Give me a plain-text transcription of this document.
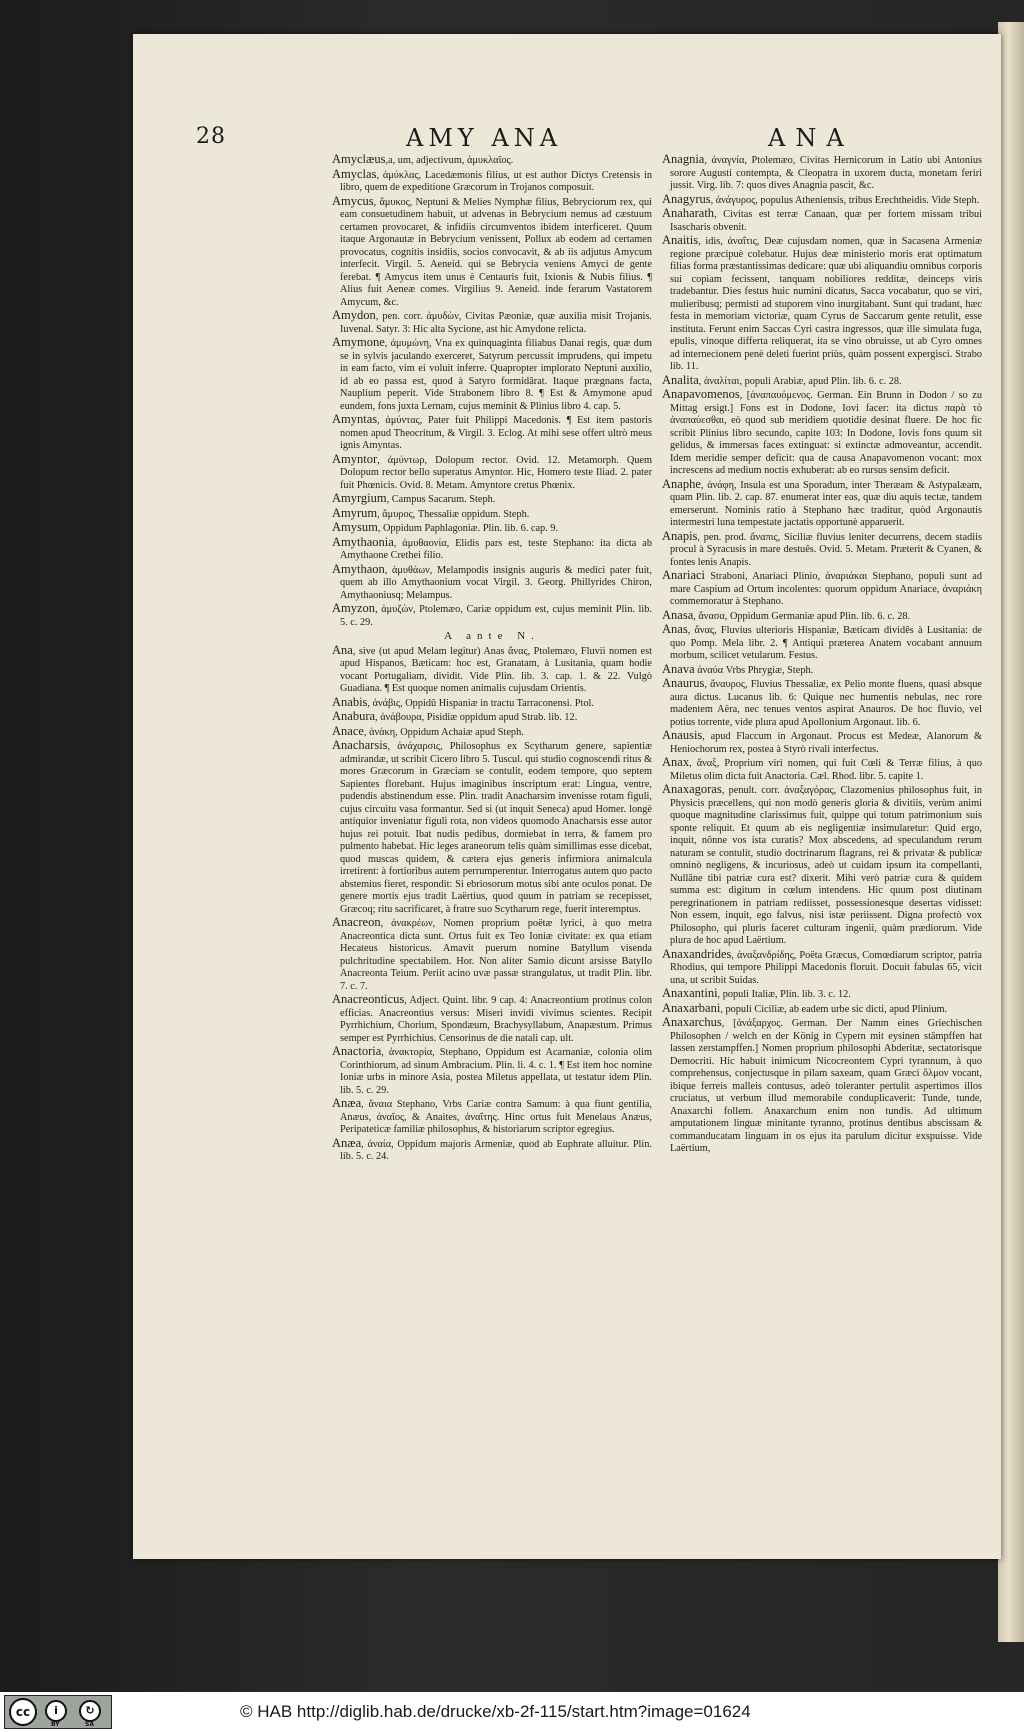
28	AMY ANA	ANA
Amyclæus,a, um, adjectivum, ἀμυκλαῖος.
Amyclas, ἀμύκλας, Lacedæmonis filius, ut est author Dictys Cretensis in libro, quem de expeditione Græcorum in Trojanos composuit.
Amycus, ἄμυκος, Neptuni & Melies Nymphæ filius, Bebryciorum rex, qui eam consuetudinem habuit, ut advenas in Bebrycium nemus ad cæstuum certamen provocaret, & infidiis circumventos ibidem interficeret. Quum itaque Argonautæ in Bebrycium venissent, Pollux ab eodem ad certamen provocatus, cognitis insidiis, socios convocavit, & ab iis adjutus Amycum interfecit. Virgil. 5. Aeneid. qui se Bebrycia veniens Amyci de gente ferebat. ¶ Amycus item unus è Centauris fuit, Ixionis & Nubis filius. ¶ Alius fuit Aeneæ comes. Virgilius 9. Aeneid. inde ferarum Vastatorem Amycum, &c.
Amydon, pen. corr. ἀμυδὼν, Civitas Pæoniæ, quæ auxilia misit Trojanis. Iuvenal. Satyr. 3: Hic alta Sycione, ast hic Amydone relicta.
Amymone, ἀμυμώνη, Vna ex quinquaginta filiabus Danai regis, quæ dum se in sylvis jaculando exerceret, Satyrum percussit imprudens, qui impetu in eam facto, vim ei voluit inferre. Quapropter implorato Neptuni auxilio, id ab eo passa est, quod à Satyro formidârat. Itaque prægnans facta, Nauplium peperit. Vide Strabonem libro 8. ¶ Est & Amymone apud eundem, fons juxta Lernam, cujus meminit & Plinius libro 4. cap. 5.
Amyntas, ἀμύντας, Pater fuit Philippi Macedonis. ¶ Est item pastoris nomen apud Theocritum, & Virgil. 3. Eclog. At mihi sese offert ultrò meus ignis Amyntas.
Amyntor, ἀμύντωρ, Dolopum rector. Ovid. 12. Metamorph. Quem Dolopum rector bello superatus Amyntor. Hic, Homero teste Iliad. 2. pater fuit Phœnicis. Ovid. 8. Metam. Amyntore cretus Phœnix.
Amyrgium, Campus Sacarum. Steph.
Amyrum, ἄμυρος, Thessaliæ oppidum. Steph.
Amysum, Oppidum Paphlagoniæ. Plin. lib. 6. cap. 9.
Amythaonia, ἀμυθαονία, Elidis pars est, teste Stephano: ita dicta ab Amythaone Crethei filio.
Amythaon, ἀμυθάων, Melampodis insignis auguris & medici pater fuit, quem ab illo Amythaonium vocat Virgil. 3. Georg. Phillyrides Chiron, Amythaoniusq; Melampus.
Amyzon, ἀμυζὼν, Ptolemæo, Cariæ oppidum est, cujus meminit Plin. lib. 5. c. 29.
A ante N.
Ana, sive (ut apud Melam legitur) Anas ἄνας, Ptolemæo, Fluvii nomen est apud Hispanos, Bæticam: hoc est, Granatam, à Lusitania, quam hodie vocant Portugaliam, dividit. Vide Plin. lib. 3. cap. 1. & 22. Vulgò Guadiana. ¶ Est quoque nomen animalis cujusdam Orientis.
Anabis, ἀνάβις, Oppidû Hispaniæ in tractu Tarraconensi. Ptol.
Anabura, ἀνάβουρα, Pisidiæ oppidum apud Strab. lib. 12.
Anace, ἀνάκη, Oppidum Achaiæ apud Steph.
Anacharsis, ἀνάχαρσις, Philosophus ex Scytharum genere, sapientiæ admirandæ, ut scribit Cicero libro 5. Tuscul. qui studio cognoscendi ritus & mores Græcorum in Græciam se contulit, eodem tempore, quo septem Sapientes florebant. Hujus imaginibus inscriptum erat: Lingua, ventre, pudendis abstinendum esse. Plin. tradit Anacharsim invenisse rotam figuli, cujus circuitu vasa formantur. Sed si (ut inquit Seneca) apud Homer. longè antiquior inveniatur figuli rota, non videos quomodo Anacharsis esse autor hujus rei potuit. Ibat nudis pedibus, dormiebat in terra, & famem pro pulmento habebat. Hic leges araneorum telis quàm simillimas esse dicebat, quod muscas quidem, & cætera ejus generis infirmiora animalcula irretirent: à fortioribus autem perrumperentur. Interrogatus autem quo pacto abstemius fieret, respondit: Si ebriosorum motus sibi ante oculos ponat. De genere mortis ejus tradit Laërtius, quod quum in patriam se recepisset, Græcoq; ritu sacrificaret, à fratre suo Scytharum rege, fuerit interemptus.
Anacreon, ἀνακρέων, Nomen proprium poëtæ lyrici, à quo metra Anacreontica dicta sunt. Ortus fuit ex Teo Ioniæ civitate: ex qua etiam Hecateus historicus. Amavit puerum nomine Batyllum visenda pulchritudine spectabilem. Hor. Non aliter Samio dicunt arsisse Batyllo Anacreonta Teium. Periit acino uvæ passæ strangulatus, ut tradit Plin. libr. 7. c. 7.
Anacreonticus, Adject. Quint. libr. 9 cap. 4: Anacreontium protinus colon efficias. Anacreontius versus: Miseri invidi vivimus scientes. Recipit Pyrrhichium, Chorium, Spondæum, Brachysyllabum, Anapæstum. Primus semper est Pyrrhichius. Censorinus de die natali cap. ult.
Anactoria, ἀνακτορία, Stephano, Oppidum est Acarnaniæ, colonia olim Corinthiorum, ad sinum Ambracium. Plin. li. 4. c. 1. ¶ Est item hoc nomine Ioniæ urbs in minore Asia, postea Miletus appellata, ut testatur idem Plin. lib. 5. c. 29.
Anæa, ἄναια Stephano, Vrbs Cariæ contra Samum: à qua fiunt gentilia, Anæus, ἀναῖος, & Anaites, ἀναΐτης. Hinc ortus fuit Menelaus Anæus, Peripateticæ familiæ philosophus, & historiarum scriptor egregius.
Anæa, ἀναία, Oppidum majoris Armeniæ, quod ab Euphrate alluitur. Plin. lib. 5. c. 24.
Anagnia, ἀναγνία, Ptolemæo, Civitas Hernicorum in Latio ubi Antonius sorore Augusti contempta, & Cleopatra in uxorem ducta, monetam feriri jussit. Virg. lib. 7: quos dives Anagnia pascit, &c.
Anagyrus, ἀνάγυρος, populus Atheniensis, tribus Erechtheidis. Vide Steph.
Anaharath, Civitas est terræ Canaan, quæ per fortem missam tribui Isascharis obvenit.
Anaitis, idis, ἀναΐτις, Deæ cujusdam nomen, quæ in Sacasena Armeniæ regione præcipuè colebatur. Hujus deæ ministerio moris erat optimatum filias forma præstantissimas dedicare: quæ ubi aliquandiu omnibus corporis sui copiam fecissent, tanquam nobiliores redditæ, deinceps viris tradebantur. Dies festus huic numini dicatus, Sacca vocabatur, quo se viri, mulieribusq; permisti ad stuporem vino inurgitabant. Sunt qui tradant, hæc festa in memoriam victoriæ, quam Cyrus de Saccarum gente retulit, esse instituta. Ferunt enim Saccas Cyri castra ingressos, quæ ille simulata fuga, epulis, vinoque differta reliquerat, ita se vino obruisse, ut ab Cyro omnes ad internecionem penè deleti fuerint priùs, quàm possent expergisci. Strabo lib. 11.
Analita, ἀναλίται, populi Arabiæ, apud Plin. lib. 6. c. 28.
Anapavomenos, [ἀναπαυόμενος. German. Ein Brunn in Dodon / so zu Mittag ersigt.] Fons est in Dodone, Iovi facer: ita dictus παρὰ τὸ ἀναπαύεσθαι, eò quod sub meridiem quotidie desinat fluere. De hoc fic scribit Plinius libro secundo, capite 103: In Dodone, Iovis fons quum sit gelidus, & immersas faces extinguat: si extinctæ admoveantur, accendit. Idem meridie semper deficit: qua de causa Anapavomenon vocant: mox increscens ad medium noctis exhuberat: ab eo rursus sensim deficit.
Anaphe, ἀνάφη, Insula est una Sporadum, inter Theræam & Astypalæam, quam Plin. lib. 2. cap. 87. enumerat inter eas, quæ diu aquis tectæ, tandem emerserunt. Nominis ratio à Stephano hæc traditur, quòd Argonautis intermestri luna tempestate jactatis opportunè apparuerit.
Anapis, pen. prod. ἄναπις, Siciliæ fluvius leniter decurrens, decem stadiis procul à Syracusis in mare destuês. Ovid. 5. Metam. Præterit & Cyanen, & fontes lenis Anapis.
Anariaci Straboni, Anariaci Plinio, ἀναριάκαι Stephano, populi sunt ad mare Caspium ad Ortum incolentes: quorum oppidum Anariace, ἀναριάκη commemoratur à Stephano.
Anasa, ἄνασα, Oppidum Germaniæ apud Plin. lib. 6. c. 28.
Anas, ἄνας, Fluvius ulterioris Hispaniæ, Bæticam dividês à Lusitania: de quo Pomp. Mela libr. 2. ¶ Antiqui præterea Anatem vocabant annuum morbum, scilicet vetularum. Festus.
Anava ἀναύα Vrbs Phrygiæ, Steph.
Anaurus, ἄναυρος, Fluvius Thessaliæ, ex Pelio monte fluens, quasi absque aura dictus. Lucanus lib. 6: Quique nec humentis nebulas, nec rore madentem Aëra, nec tenues ventos aspirat Anauros. De hoc fluvio, vel potius torrente, vide plura apud Apollonium Argonaut. lib. 6.
Anausis, apud Flaccum in Argonaut. Procus est Medeæ, Alanorum & Heniochorum rex, postea à Styrò rivali interfectus.
Anax, ἄναξ, Proprium viri nomen, qui fuit Cœli & Terræ filius, à quo Miletus olim dicta fuit Anactoria. Cæl. Rhod. libr. 5. capite 1.
Anaxagoras, penult. corr. ἀναξαγόρας, Clazomenius philosophus fuit, in Physicis præcellens, qui non modò generis gloria & divitiis, verùm animi quoque magnitudine clarissimus fuit, quippe qui totum patrimonium suis sponte reliquit. Et quum ab eis negligentiæ insimularetur: Quid ergo, inquit, nônne vos ista curatis? Mox abscedens, ad speculandum rerum naturam se contulit, studio doctrinarum flagrans, rei & privatæ & publicæ omninò negligens, & incuriosus, adeò ut cuidam ipsum ita compellanti, Nullâne tibi patriæ cura est? dixerit. Mihi verò patriæ cura & quidem summa est: digitum in cœlum intendens. Hic quum post diutinam peregrinationem in patriam rediisset, possessionesque desertas vidisset: Non essem, inquit, ego falvus, nisi istæ periissent. Digna profectò vox Philosopho, qui pluris faceret culturam ingenii, quàm prædiorum. Vide plura de hoc apud Laërtium.
Anaxandrides, ἀναξανδρίδης, Poëta Græcus, Comœdiarum scriptor, patria Rhodius, qui tempore Philippi Macedonis floruit. Docuit fabulas 65, vicit una, ut scribit Suidas.
Anaxantini, populi Italiæ, Plin. lib. 3. c. 12.
Anaxarbani, populi Ciciliæ, ab eadem urbe sic dicti, apud Plinium.
Anaxarchus, [ἀνάξαρχος. German. Der Namm eines Griechischen Philosophen / welch en der König in Cypern mit eysinen stämpffen hat lassen zerstampffen.] Nomen proprium philosophi Abderitæ, sectatorisque Democriti. Hic habuit inimicum Nicocreontem Cypri tyrannum, à quo comprehensus, conjectusque in pilam saxeam, quam Græci ὅλμον vocant, ibique ferreis malleis contusus, adeò toleranter pertulit aspertimos illos cruciatus, ut verbum illud memorabile conduplicaverit: Tunde, tunde, Anaxarchi follem. Anaxarchum enim non tundis. Ad ultimum amputationem linguæ minitante tyranno, protinus dentibus abscissam & commanducatam linguam in os ejus ita parulum dicitur exspuisse. Vide Laërtium,
cc	i	↻
BY	SA
© HAB http://diglib.hab.de/drucke/xb-2f-115/start.htm?image=01624
